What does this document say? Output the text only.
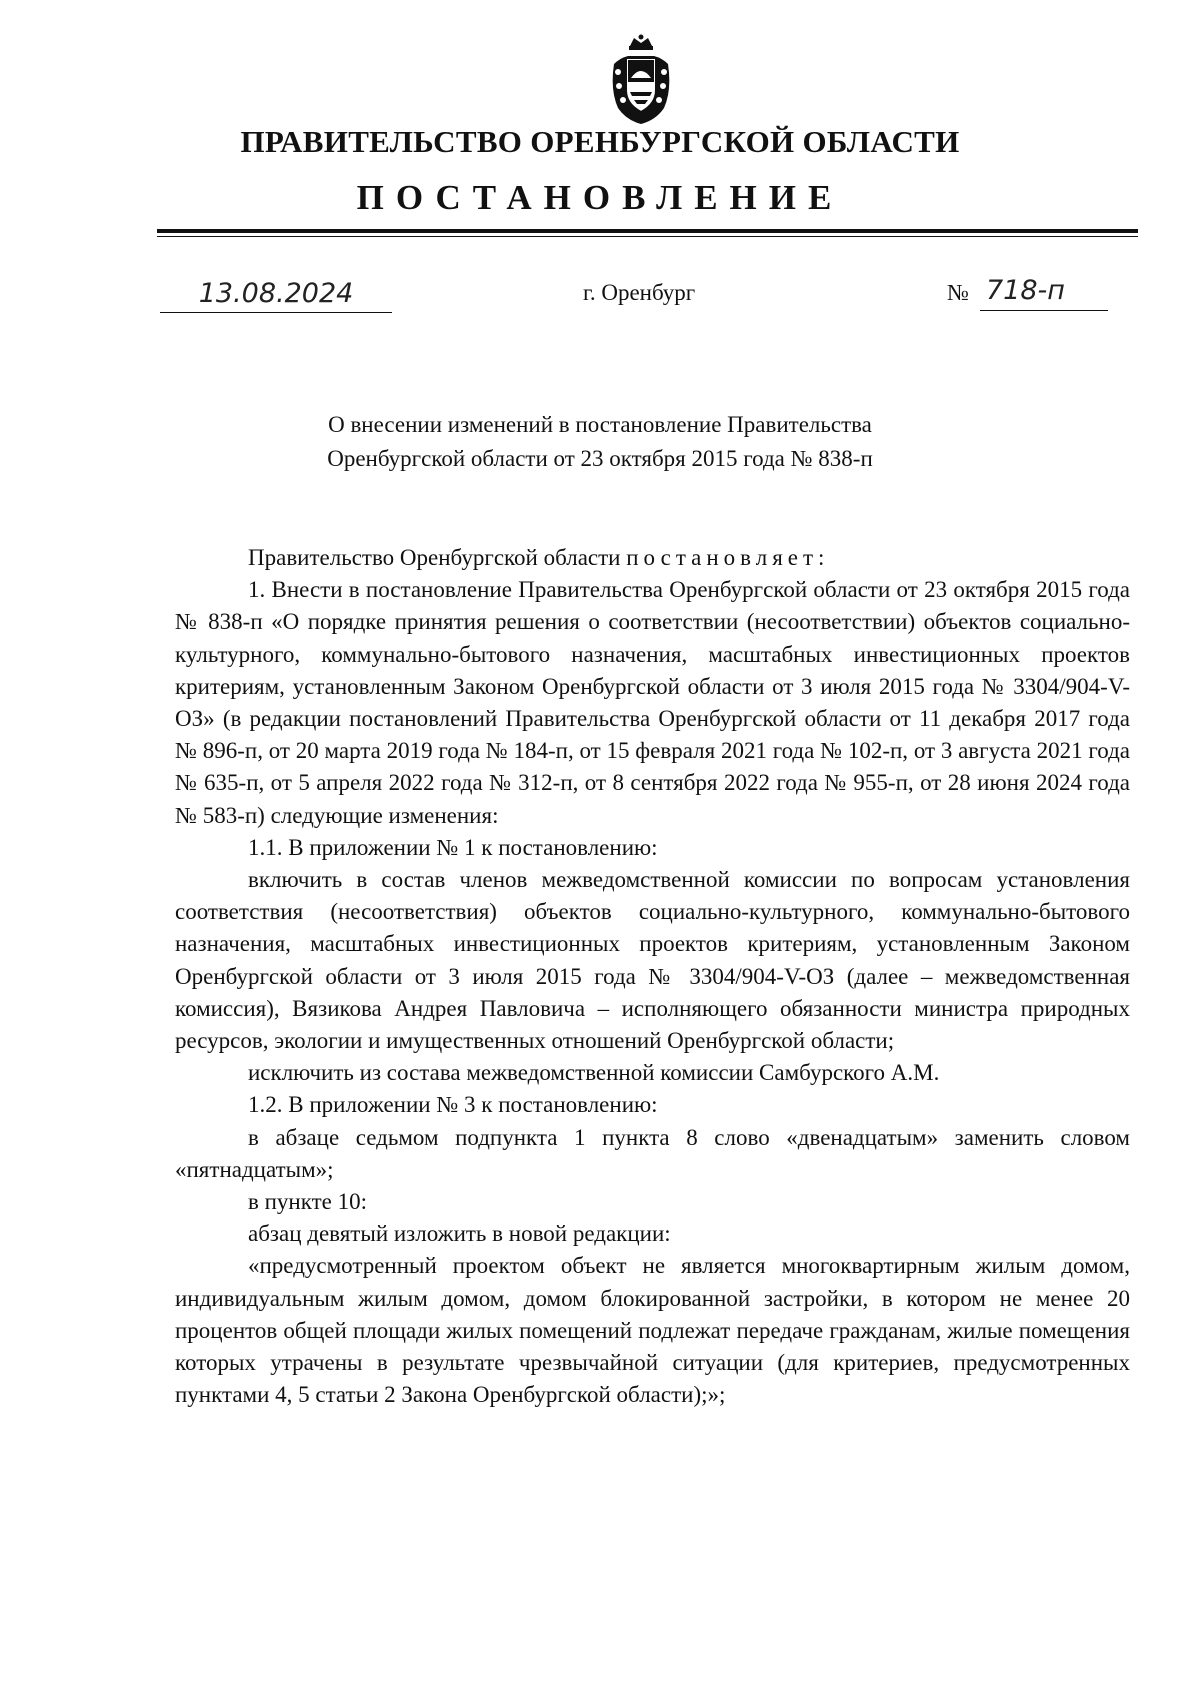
ПРАВИТЕЛЬСТВО ОРЕНБУРГСКОЙ ОБЛАСТИ
ПОСТАНОВЛЕНИЕ
13.08.2024	г. Оренбург	№ 718-п
О внесении изменений в постановление Правительства
Оренбургской области от 23 октября 2015 года № 838-п

Правительство Оренбургской области постановляет:

1. Внести в постановление Правительства Оренбургской области от 23 октября 2015 года № 838-п «О порядке принятия решения о соответствии (несоответствии) объектов социально-культурного, коммунально-бытового назначения, масштабных инвестиционных проектов критериям, установленным Законом Оренбургской области от 3 июля 2015 года № 3304/904-V-ОЗ» (в редакции постановлений Правительства Оренбургской области от 11 декабря 2017 года № 896-п, от 20 марта 2019 года № 184-п, от 15 февраля 2021 года № 102-п, от 3 августа 2021 года № 635-п, от 5 апреля 2022 года № 312-п, от 8 сентября 2022 года № 955-п, от 28 июня 2024 года № 583-п) следующие изменения:

1.1. В приложении № 1 к постановлению:

включить в состав членов межведомственной комиссии по вопросам установления соответствия (несоответствия) объектов социально-культурного, коммунально-бытового назначения, масштабных инвестиционных проектов критериям, установленным Законом Оренбургской области от 3 июля 2015 года № 3304/904-V-ОЗ (далее – межведомственная комиссия), Вязикова Андрея Павловича – исполняющего обязанности министра природных ресурсов, экологии и имущественных отношений Оренбургской области;

исключить из состава межведомственной комиссии Самбурского А.М.

1.2. В приложении № 3 к постановлению:

в абзаце седьмом подпункта 1 пункта 8 слово «двенадцатым» заменить словом «пятнадцатым»;

в пункте 10:

абзац девятый изложить в новой редакции:

«предусмотренный проектом объект не является многоквартирным жилым домом, индивидуальным жилым домом, домом блокированной застройки, в котором не менее 20 процентов общей площади жилых помещений подлежат передаче гражданам, жилые помещения которых утрачены в результате чрезвычайной ситуации (для критериев, предусмотренных пунктами 4, 5 статьи 2 Закона Оренбургской области);»;
